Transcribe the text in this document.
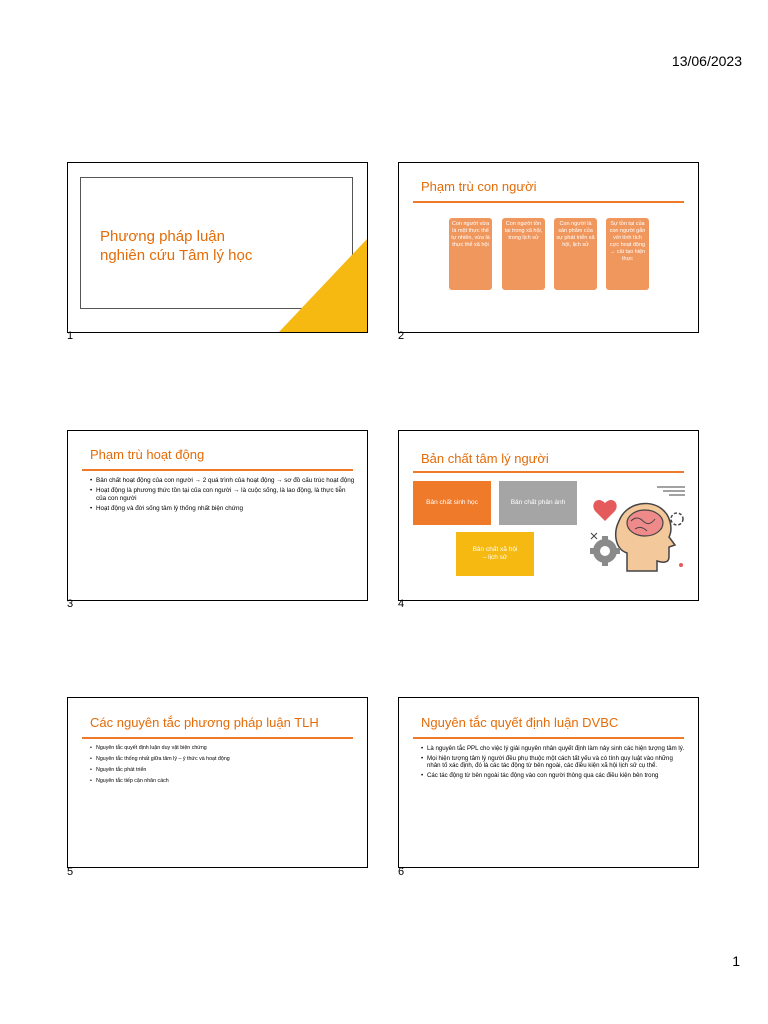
13/06/2023
Phương pháp luận
nghiên cứu Tâm lý học
1
Phạm trù con người
Con người vừa là một thực thể tự nhiên, vừa là thực thể xã hội
Con người tồn tại trong xã hội, trong lịch sử
Con người là sản phẩm của sự phát triển xã hội, lịch sử
Sự tồn tại của con người gắn với tính tích cực hoạt động → cải tạo hiện thực
2
Phạm trù hoạt động
• Bản chất hoạt động của con người → 2 quá trình của hoạt động → sơ đồ cấu trúc hoạt động
• Hoạt động là phương thức tồn tại của con người → là cuộc sống, là lao động, là thực tiễn của con người
• Hoạt động và đời sống tâm lý thống nhất biện chứng
3
Bản chất tâm lý người
Bản chất sinh học	Bản chất phản ánh
Bản chất xã hội – lịch sử
4
Các nguyên tắc phương pháp luận TLH
• Nguyên tắc quyết định luận duy vật biện chứng
• Nguyên tắc thống nhất giữa tâm lý – ý thức và hoạt động
• Nguyên tắc phát triển
• Nguyên tắc tiếp cận nhân cách
5
Nguyên tắc quyết định luận DVBC
• Là nguyên tắc PPL cho việc lý giải nguyên nhân quyết định làm nảy sinh các hiện tượng tâm lý.
• Mọi hiện tượng tâm lý người đều phụ thuộc một cách tất yếu và có tính quy luật vào những nhân tố xác định, đó là các tác động từ bên ngoài, các điều kiện xã hội lịch sử cụ thể.
• Các tác động từ bên ngoài tác động vào con người thông qua các điều kiện bên trong
6
1
